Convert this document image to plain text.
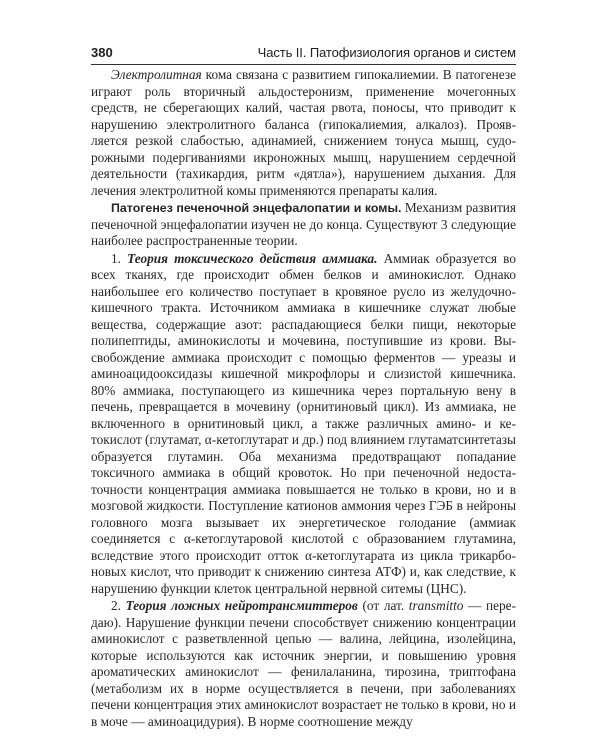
380	Часть II. Патофизиология органов и систем

Электролитная кома связана с развитием гипокалиемии. В патогенезе играют роль вторичный альдостеронизм, применение мочегонных средств, не сберегающих калий, частая рвота, поносы, что приводит к нарушению электролитного баланса (гипокалиемия, алкалоз). Проявляется резкой слабостью, адинамией, снижением тонуса мышц, судорожными подергиваниями икроножных мышц, нарушением сердечной деятельности (тахикардия, ритм «дятла»), нарушением дыхания. Для лечения электролитной комы применяются препараты калия.

Патогенез печеночной энцефалопатии и комы. Механизм развития печеночной энцефалопатии изучен не до конца. Существуют 3 следующие наиболее распространенные теории.

1. Теория токсического действия аммиака. Аммиак образуется во всех тканях, где происходит обмен белков и аминокислот. Однако наибольшее его количество поступает в кровяное русло из желудочнокишечного тракта. Источником аммиака в кишечнике служат любые вещества, содержащие азот: распадающиеся белки пищи, некоторые полипептиды, аминокислоты и мочевина, поступившие из крови. Высвобождение аммиака происходит с помощью ферментов — уреазы и аминоацидооксидазы кишечной микрофлоры и слизистой кишечника. 80% аммиака, поступающего из кишечника через портальную вену в печень, превращается в мочевину (орнитиновый цикл). Из аммиака, не включенного в орнитиновый цикл, а также различных амино- и кетокислот (глутамат, α-кетоглутарат и др.) под влиянием глутаматсинтетазы образуется глутамин. Оба механизма предотвращают попадание токсичного аммиака в общий кровоток. Но при печеночной недостаточности концентрация аммиака повышается не только в крови, но и в мозговой жидкости. Поступление катионов аммония через ГЭБ в нейроны головного мозга вызывает их энергетическое голодание (аммиак соединяется с α-кетоглутаровой кислотой с образованием глутамина, вследствие этого происходит отток α-кетоглутарата из цикла трикарбоновых кислот, что приводит к снижению синтеза АТФ) и, как следствие, к нарушению функции клеток центральной нервной ситемы (ЦНС).

2. Теория ложных нейротрансмиттеров (от лат. transmitto — передаю). Нарушение функции печени способствует снижению концентрации аминокислот с разветвленной цепью — валина, лейцина, изолейцина, которые используются как источник энергии, и повышению уровня ароматических аминокислот — фенилаланина, тирозина, триптофана (метаболизм их в норме осуществляется в печени, при заболеваниях печени концентрация этих аминокислот возрастает не только в крови, но и в моче — аминоацидурия). В норме соотношение между
